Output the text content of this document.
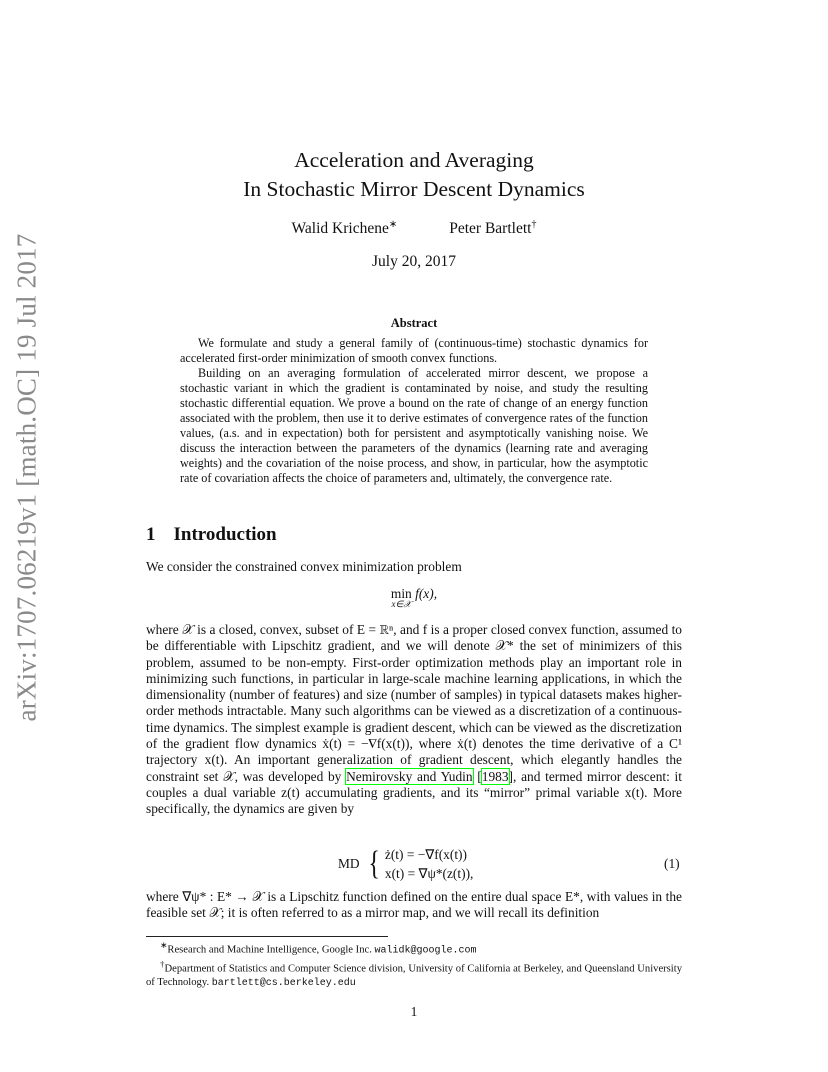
arXiv:1707.06219v1 [math.OC] 19 Jul 2017
Acceleration and Averaging
In Stochastic Mirror Descent Dynamics
Walid Krichene∗	Peter Bartlett†
July 20, 2017
Abstract

We formulate and study a general family of (continuous-time) stochastic dynamics for accelerated first-order minimization of smooth convex functions.

Building on an averaging formulation of accelerated mirror descent, we propose a stochastic variant in which the gradient is contaminated by noise, and study the resulting stochastic differential equation. We prove a bound on the rate of change of an energy function associated with the problem, then use it to derive estimates of convergence rates of the function values, (a.s. and in expectation) both for persistent and asymptotically vanishing noise. We discuss the interaction between the parameters of the dynamics (learning rate and averaging weights) and the covariation of the noise process, and show, in particular, how the asymptotic rate of covariation affects the choice of parameters and, ultimately, the convergence rate.

1 Introduction
We consider the constrained convex minimization problem
min
x∈𝒳
f(x),

where 𝒳 is a closed, convex, subset of E = ℝⁿ, and f is a proper closed convex function, assumed to be differentiable with Lipschitz gradient, and we will denote 𝒳* the set of minimizers of this problem, assumed to be non-empty. First-order optimization methods play an important role in minimizing such functions, in particular in large-scale machine learning applications, in which the dimensionality (number of features) and size (number of samples) in typical datasets makes higher-order methods intractable. Many such algorithms can be viewed as a discretization of a continuous-time dynamics. The simplest example is gradient descent, which can be viewed as the discretization of the gradient flow dynamics ẋ(t) = −∇f(x(t)), where ẋ(t) denotes the time derivative of a C¹ trajectory x(t). An important generalization of gradient descent, which elegantly handles the constraint set 𝒳, was developed by Nemirovsky and Yudin [1983], and termed mirror descent: it couples a dual variable z(t) accumulating gradients, and its “mirror” primal variable x(t). More specifically, the dynamics are given by

MD { ż(t) = −∇f(x(t))
x(t) = ∇ψ*(z(t)),
(1)
where ∇ψ* : E* → 𝒳 is a Lipschitz function defined on the entire dual space E*, with values in the feasible set 𝒳; it is often referred to as a mirror map, and we will recall its definition

∗Research and Machine Intelligence, Google Inc. walidk@google.com

†Department of Statistics and Computer Science division, University of California at Berkeley, and Queensland University of Technology. bartlett@cs.berkeley.edu

1
